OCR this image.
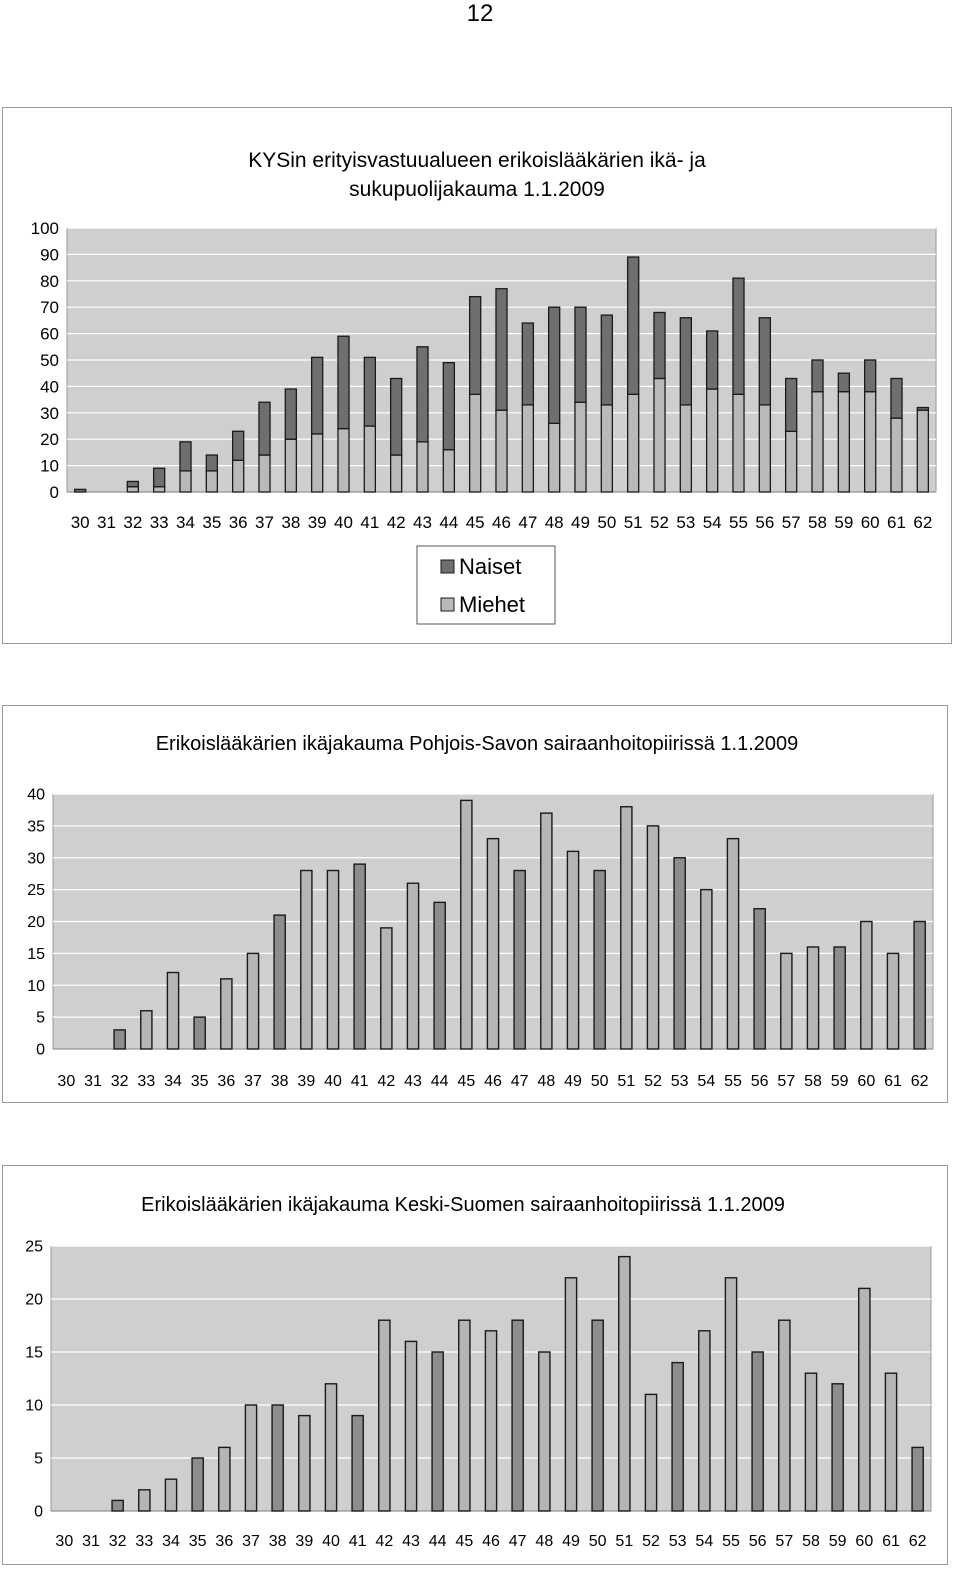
12
KYSin erityisvastuualueen erikoislääkärien ikä- ja
sukupuolijakauma 1.1.2009
0
10
20
30
40
50
60
70
80
90
100
30 31 32 33 34 35 36 37 38 39 40 41 42 43 44 45 46 47 48 49 50 51 52 53 54 55 56 57 58 59 60 61 62
Naiset
Miehet
Erikoislääkärien ikäjakauma Pohjois-Savon sairaanhoitopiirissä 1.1.2009
0
5
10
15
20
25
30
35
40
30 31 32 33 34 35 36 37 38 39 40 41 42 43 44 45 46 47 48 49 50 51 52 53 54 55 56 57 58 59 60 61 62
Erikoislääkärien ikäjakauma Keski-Suomen sairaanhoitopiirissä 1.1.2009
0
5
10
15
20
25
30 31 32 33 34 35 36 37 38 39 40 41 42 43 44 45 46 47 48 49 50 51 52 53 54 55 56 57 58 59 60 61 62
